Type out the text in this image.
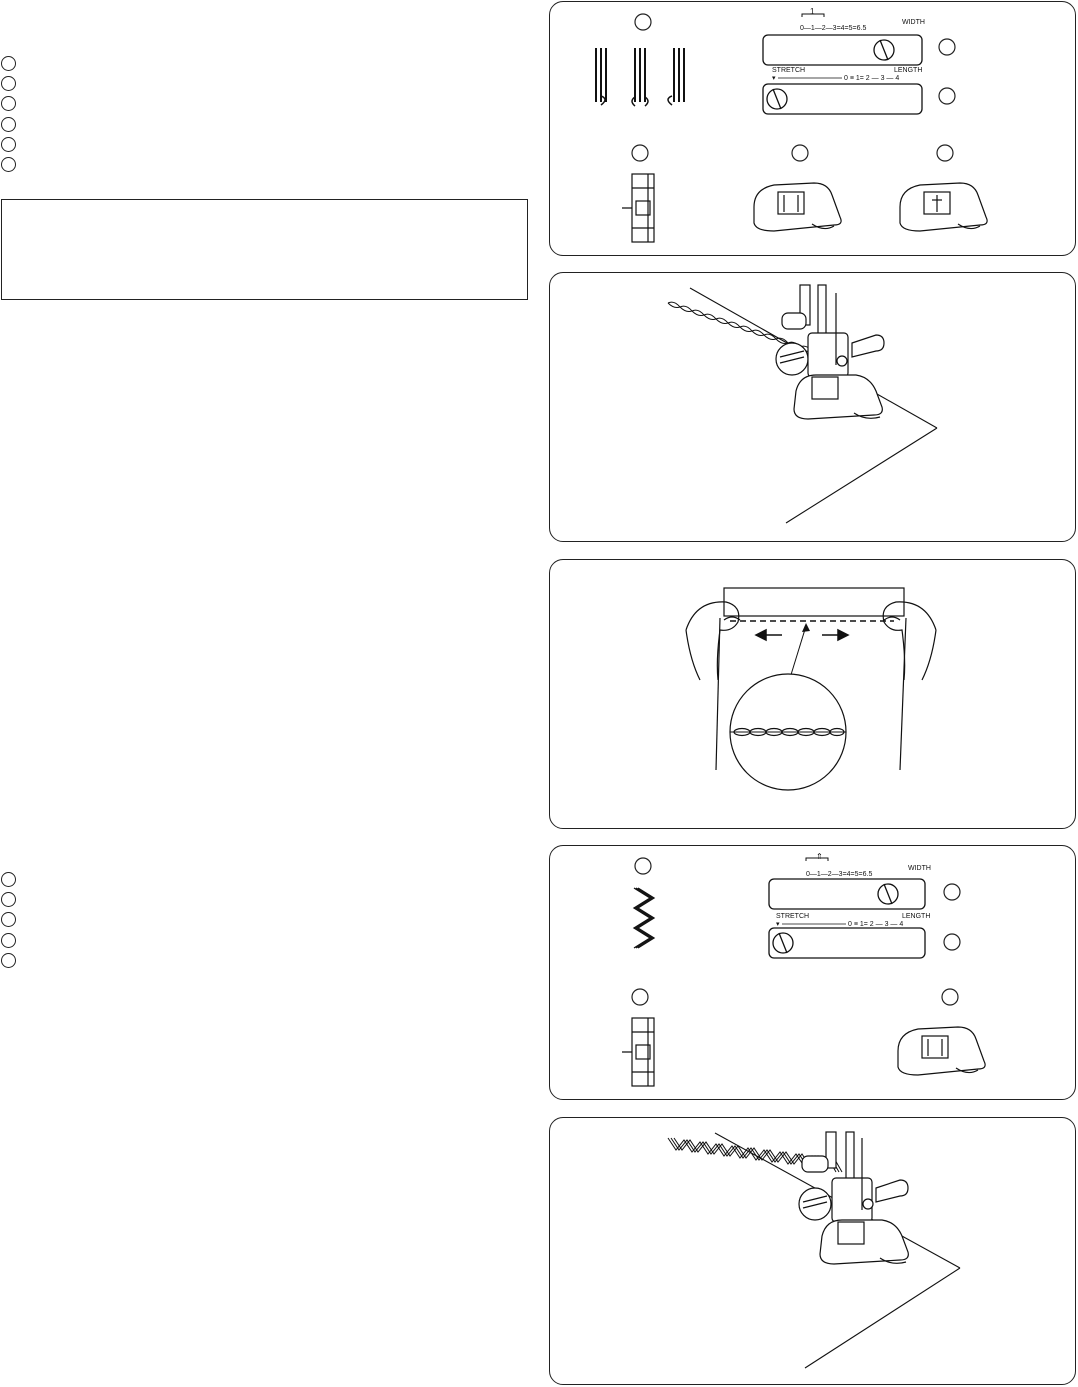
1
0—1—2—3=4=5=6.5
WIDTH
STRETCH	LENGTH
▾	0 ≡ 1= 2 — 3 — 4
⇑
0—1—2—3=4=5=6.5
WIDTH
STRETCH	LENGTH
▾	0 ≡ 1= 2 — 3 — 4
